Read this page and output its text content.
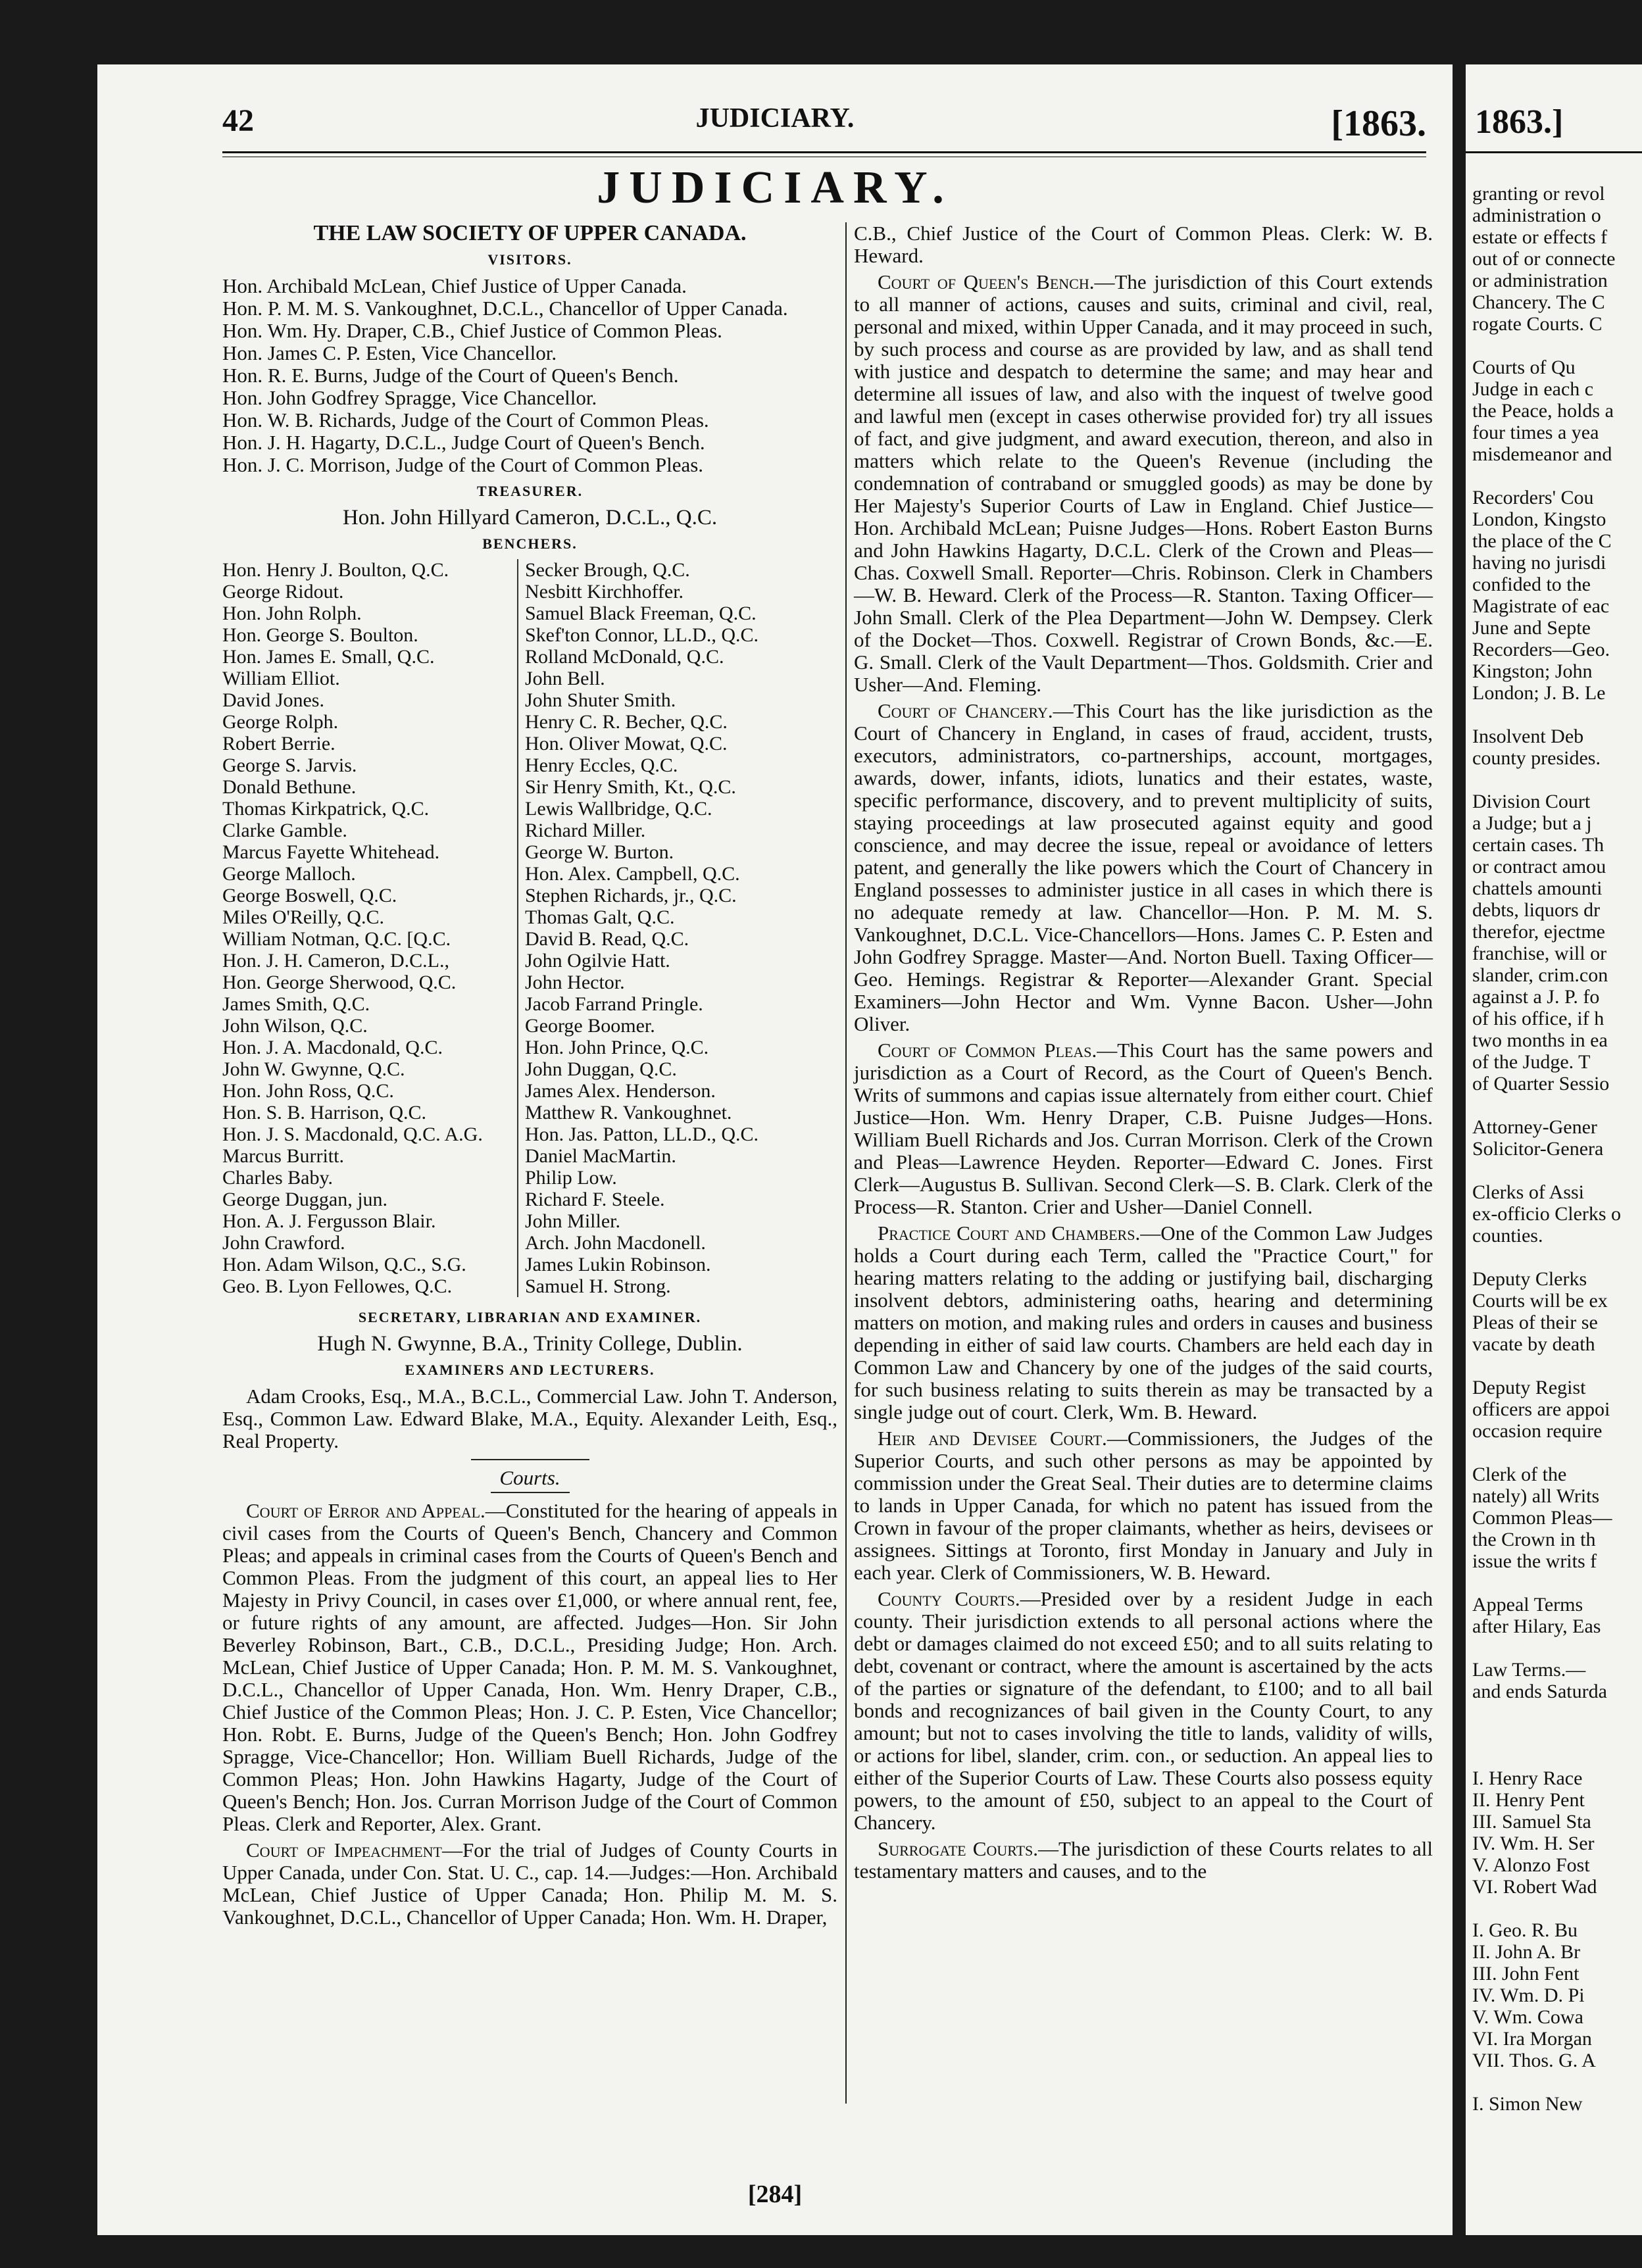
42	JUDICIARY.	[1863.
JUDICIARY.
THE LAW SOCIETY OF UPPER CANADA.
VISITORS.

Hon. Archibald McLean, Chief Justice of Upper Canada.

Hon. P. M. M. S. Vankoughnet, D.C.L., Chancellor of Upper Canada.

Hon. Wm. Hy. Draper, C.B., Chief Justice of Common Pleas.

Hon. James C. P. Esten, Vice Chancellor.

Hon. R. E. Burns, Judge of the Court of Queen's Bench.

Hon. John Godfrey Spragge, Vice Chancellor.

Hon. W. B. Richards, Judge of the Court of Common Pleas.

Hon. J. H. Hagarty, D.C.L., Judge Court of Queen's Bench.

Hon. J. C. Morrison, Judge of the Court of Common Pleas.

TREASURER.
Hon. John Hillyard Cameron, D.C.L., Q.C.
BENCHERS.
Hon. Henry J. Boulton, Q.C.
George Ridout.
Hon. John Rolph.
Hon. George S. Boulton.
Hon. James E. Small, Q.C.
William Elliot.
David Jones.
George Rolph.
Robert Berrie.
George S. Jarvis.
Donald Bethune.
Thomas Kirkpatrick, Q.C.
Clarke Gamble.
Marcus Fayette Whitehead.
George Malloch.
George Boswell, Q.C.
Miles O'Reilly, Q.C.
William Notman, Q.C. [Q.C.
Hon. J. H. Cameron, D.C.L.,
Hon. George Sherwood, Q.C.
James Smith, Q.C.
John Wilson, Q.C.
Hon. J. A. Macdonald, Q.C.
John W. Gwynne, Q.C.
Hon. John Ross, Q.C.
Hon. S. B. Harrison, Q.C.
Hon. J. S. Macdonald, Q.C. A.G.
Marcus Burritt.
Charles Baby.
George Duggan, jun.
Hon. A. J. Fergusson Blair.
John Crawford.
Hon. Adam Wilson, Q.C., S.G.
Geo. B. Lyon Fellowes, Q.C.
Secker Brough, Q.C.
Nesbitt Kirchhoffer.
Samuel Black Freeman, Q.C.
Skef'ton Connor, LL.D., Q.C.
Rolland McDonald, Q.C.
John Bell.
John Shuter Smith.
Henry C. R. Becher, Q.C.
Hon. Oliver Mowat, Q.C.
Henry Eccles, Q.C.
Sir Henry Smith, Kt., Q.C.
Lewis Wallbridge, Q.C.
Richard Miller.
George W. Burton.
Hon. Alex. Campbell, Q.C.
Stephen Richards, jr., Q.C.
Thomas Galt, Q.C.
David B. Read, Q.C.
John Ogilvie Hatt.
John Hector.
Jacob Farrand Pringle.
George Boomer.
Hon. John Prince, Q.C.
John Duggan, Q.C.
James Alex. Henderson.
Matthew R. Vankoughnet.
Hon. Jas. Patton, LL.D., Q.C.
Daniel MacMartin.
Philip Low.
Richard F. Steele.
John Miller.
Arch. John Macdonell.
James Lukin Robinson.
Samuel H. Strong.
SECRETARY, LIBRARIAN AND EXAMINER.
Hugh N. Gwynne, B.A., Trinity College, Dublin.
EXAMINERS AND LECTURERS.

Adam Crooks, Esq., M.A., B.C.L., Commercial Law. John T. Anderson, Esq., Common Law. Edward Blake, M.A., Equity. Alexander Leith, Esq., Real Property.

Courts.

Court of Error and Appeal.—Constituted for the hearing of appeals in civil cases from the Courts of Queen's Bench, Chancery and Common Pleas; and appeals in criminal cases from the Courts of Queen's Bench and Common Pleas. From the judgment of this court, an appeal lies to Her Majesty in Privy Council, in cases over £1,000, or where annual rent, fee, or future rights of any amount, are affected. Judges—Hon. Sir John Beverley Robinson, Bart., C.B., D.C.L., Presiding Judge; Hon. Arch. McLean, Chief Justice of Upper Canada; Hon. P. M. M. S. Vankoughnet, D.C.L., Chancellor of Upper Canada, Hon. Wm. Henry Draper, C.B., Chief Justice of the Common Pleas; Hon. J. C. P. Esten, Vice Chancellor; Hon. Robt. E. Burns, Judge of the Queen's Bench; Hon. John Godfrey Spragge, Vice-Chancellor; Hon. William Buell Richards, Judge of the Common Pleas; Hon. John Hawkins Hagarty, Judge of the Court of Queen's Bench; Hon. Jos. Curran Morrison Judge of the Court of Common Pleas. Clerk and Reporter, Alex. Grant.

Court of Impeachment—For the trial of Judges of County Courts in Upper Canada, under Con. Stat. U. C., cap. 14.—Judges:—Hon. Archibald McLean, Chief Justice of Upper Canada; Hon. Philip M. M. S. Vankoughnet, D.C.L., Chancellor of Upper Canada; Hon. Wm. H. Draper,

C.B., Chief Justice of the Court of Common Pleas. Clerk: W. B. Heward.

Court of Queen's Bench.—The jurisdiction of this Court extends to all manner of actions, causes and suits, criminal and civil, real, personal and mixed, within Upper Canada, and it may proceed in such, by such process and course as are provided by law, and as shall tend with justice and despatch to determine the same; and may hear and determine all issues of law, and also with the inquest of twelve good and lawful men (except in cases otherwise provided for) try all issues of fact, and give judgment, and award execution, thereon, and also in matters which relate to the Queen's Revenue (including the condemnation of contraband or smuggled goods) as may be done by Her Majesty's Superior Courts of Law in England. Chief Justice—Hon. Archibald McLean; Puisne Judges—Hons. Robert Easton Burns and John Hawkins Hagarty, D.C.L. Clerk of the Crown and Pleas—Chas. Coxwell Small. Reporter—Chris. Robinson. Clerk in Chambers—W. B. Heward. Clerk of the Process—R. Stanton. Taxing Officer—John Small. Clerk of the Plea Department—John W. Dempsey. Clerk of the Docket—Thos. Coxwell. Registrar of Crown Bonds, &c.—E. G. Small. Clerk of the Vault Department—Thos. Goldsmith. Crier and Usher—And. Fleming.

Court of Chancery.—This Court has the like jurisdiction as the Court of Chancery in England, in cases of fraud, accident, trusts, executors, administrators, co-partnerships, account, mortgages, awards, dower, infants, idiots, lunatics and their estates, waste, specific performance, discovery, and to prevent multiplicity of suits, staying proceedings at law prosecuted against equity and good conscience, and may decree the issue, repeal or avoidance of letters patent, and generally the like powers which the Court of Chancery in England possesses to administer justice in all cases in which there is no adequate remedy at law. Chancellor—Hon. P. M. M. S. Vankoughnet, D.C.L. Vice-Chancellors—Hons. James C. P. Esten and John Godfrey Spragge. Master—And. Norton Buell. Taxing Officer—Geo. Hemings. Registrar & Reporter—Alexander Grant. Special Examiners—John Hector and Wm. Vynne Bacon. Usher—John Oliver.

Court of Common Pleas.—This Court has the same powers and jurisdiction as a Court of Record, as the Court of Queen's Bench. Writs of summons and capias issue alternately from either court. Chief Justice—Hon. Wm. Henry Draper, C.B. Puisne Judges—Hons. William Buell Richards and Jos. Curran Morrison. Clerk of the Crown and Pleas—Lawrence Heyden. Reporter—Edward C. Jones. First Clerk—Augustus B. Sullivan. Second Clerk—S. B. Clark. Clerk of the Process—R. Stanton. Crier and Usher—Daniel Connell.

Practice Court and Chambers.—One of the Common Law Judges holds a Court during each Term, called the "Practice Court," for hearing matters relating to the adding or justifying bail, discharging insolvent debtors, administering oaths, hearing and determining matters on motion, and making rules and orders in causes and business depending in either of said law courts. Chambers are held each day in Common Law and Chancery by one of the judges of the said courts, for such business relating to suits therein as may be transacted by a single judge out of court. Clerk, Wm. B. Heward.

Heir and Devisee Court.—Commissioners, the Judges of the Superior Courts, and such other persons as may be appointed by commission under the Great Seal. Their duties are to determine claims to lands in Upper Canada, for which no patent has issued from the Crown in favour of the proper claimants, whether as heirs, devisees or assignees. Sittings at Toronto, first Monday in January and July in each year. Clerk of Commissioners, W. B. Heward.

County Courts.—Presided over by a resident Judge in each county. Their jurisdiction extends to all personal actions where the debt or damages claimed do not exceed £50; and to all suits relating to debt, covenant or contract, where the amount is ascertained by the acts of the parties or signature of the defendant, to £100; and to all bail bonds and recognizances of bail given in the County Court, to any amount; but not to cases involving the title to lands, validity of wills, or actions for libel, slander, crim. con., or seduction. An appeal lies to either of the Superior Courts of Law. These Courts also possess equity powers, to the amount of £50, subject to an appeal to the Court of Chancery.

Surrogate Courts.—The jurisdiction of these Courts relates to all testamentary matters and causes, and to the

[284]
1863.]
granting or revol
administration o
estate or effects f
out of or connecte
or administration
Chancery. The C
rogate Courts. C
Courts of Qu
Judge in each c
the Peace, holds a
four times a yea
misdemeanor and
Recorders' Cou
London, Kingsto
the place of the C
having no jurisdi
confided to the
Magistrate of eac
June and Septe
Recorders—Geo.
Kingston; John
London; J. B. Le
Insolvent Deb
county presides.
Division Court
a Judge; but a j
certain cases. Th
or contract amou
chattels amounti
debts, liquors dr
therefor, ejectme
franchise, will or
slander, crim.con
against a J. P. fo
of his office, if h
two months in ea
of the Judge. T
of Quarter Sessio
Attorney-Gener
Solicitor-Genera
Clerks of Assi
ex-officio Clerks o
counties.
Deputy Clerks
Courts will be ex
Pleas of their se
vacate by death
Deputy Regist
officers are appoi
occasion require
Clerk of the
nately) all Writs
Common Pleas—
the Crown in th
issue the writs f
Appeal Terms
after Hilary, Eas
Law Terms.—
and ends Saturda
I. Henry Race
II. Henry Pent
III. Samuel Sta
IV. Wm. H. Ser
V. Alonzo Fost
VI. Robert Wad
I. Geo. R. Bu
II. John A. Br
III. John Fent
IV. Wm. D. Pi
V. Wm. Cowa
VI. Ira Morgan
VII. Thos. G. A
I. Simon New
